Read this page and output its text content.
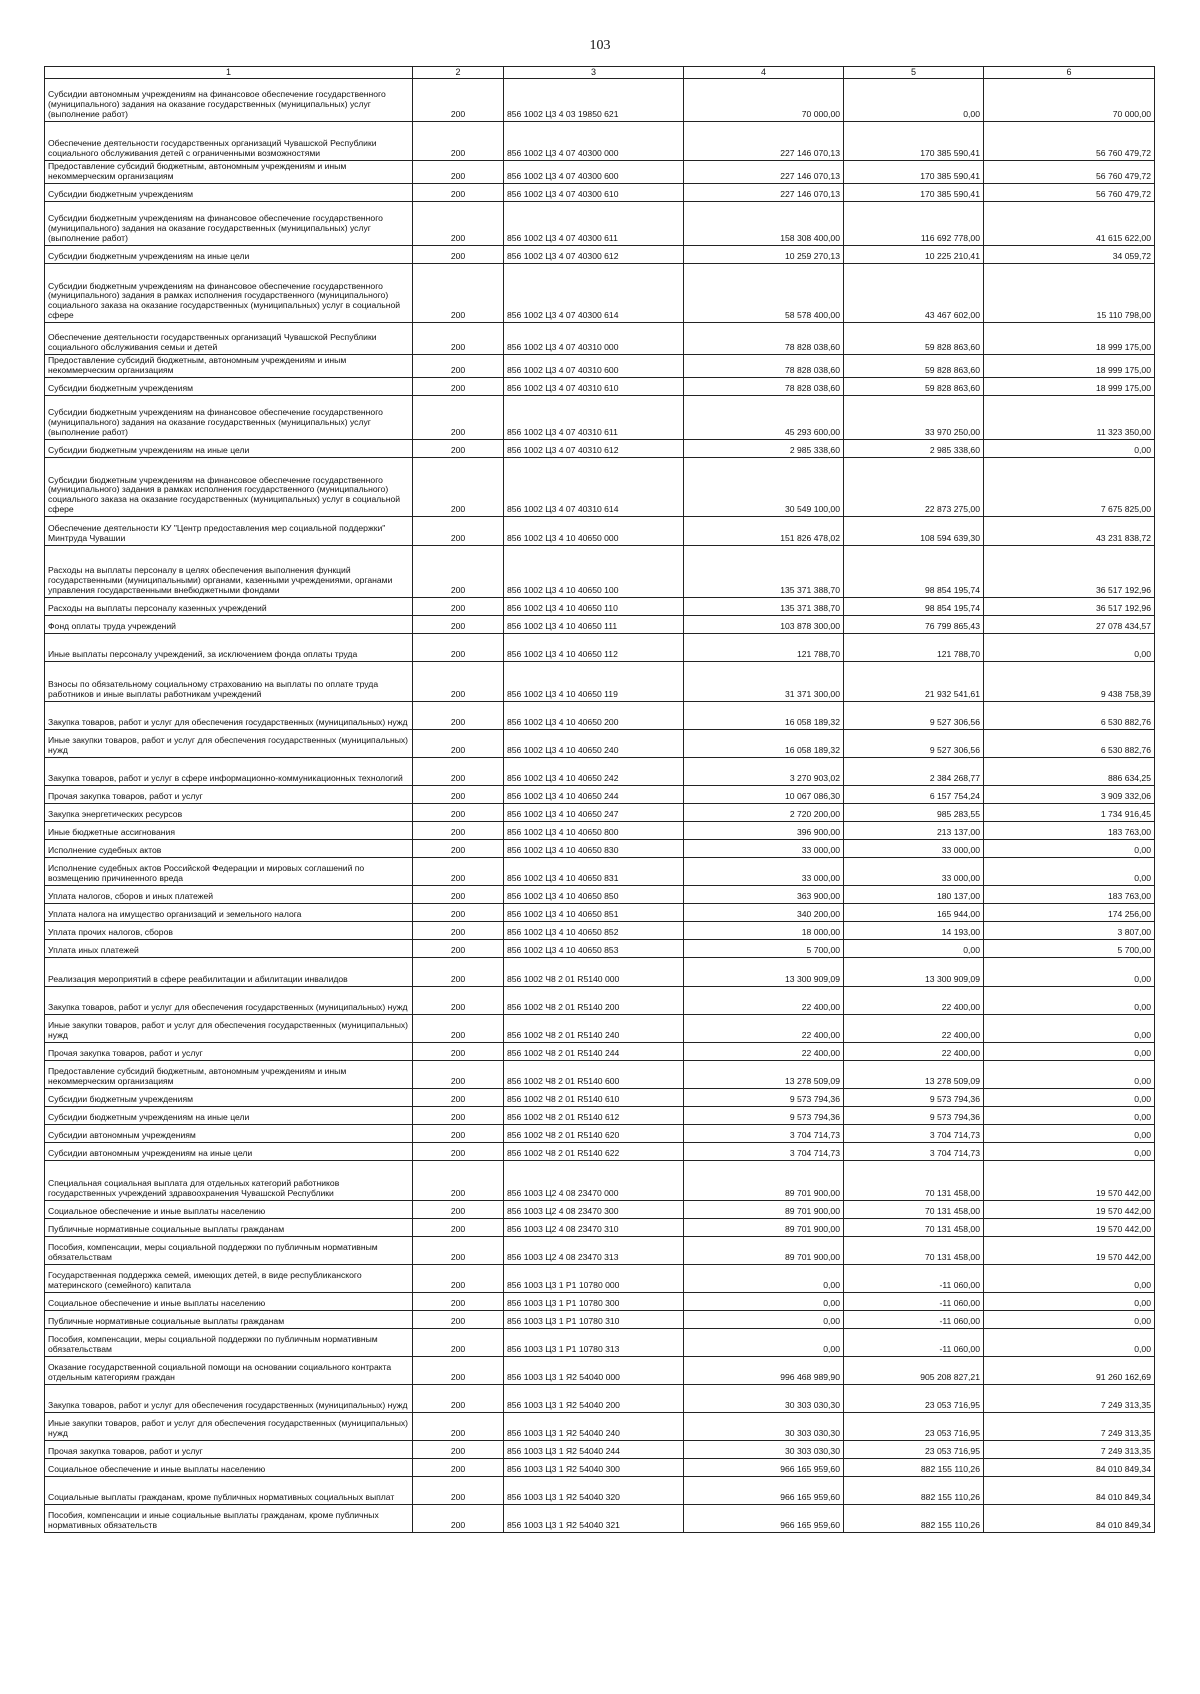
103
1	2	3	4	5	6
Субсидии автономным учреждениям на финансовое обеспечение государственного (муниципального) задания на оказание государственных (муниципальных) услуг (выполнение работ)	200	856 1002 Ц3 4 03 19850 621	70 000,00	0,00	70 000,00
Обеспечение деятельности государственных организаций Чувашской Республики социального обслуживания детей с ограниченными возможностями	200	856 1002 Ц3 4 07 40300 000	227 146 070,13	170 385 590,41	56 760 479,72
Предоставление субсидий бюджетным, автономным учреждениям и иным некоммерческим организациям	200	856 1002 Ц3 4 07 40300 600	227 146 070,13	170 385 590,41	56 760 479,72
Субсидии бюджетным учреждениям	200	856 1002 Ц3 4 07 40300 610	227 146 070,13	170 385 590,41	56 760 479,72
Субсидии бюджетным учреждениям на финансовое обеспечение государственного (муниципального) задания на оказание государственных (муниципальных) услуг (выполнение работ)	200	856 1002 Ц3 4 07 40300 611	158 308 400,00	116 692 778,00	41 615 622,00
Субсидии бюджетным учреждениям на иные цели	200	856 1002 Ц3 4 07 40300 612	10 259 270,13	10 225 210,41	34 059,72
Субсидии бюджетным учреждениям на финансовое обеспечение государственного (муниципального) задания в рамках исполнения государственного (муниципального) социального заказа на оказание государственных (муниципальных) услуг в социальной сфере	200	856 1002 Ц3 4 07 40300 614	58 578 400,00	43 467 602,00	15 110 798,00
Обеспечение деятельности государственных организаций Чувашской Республики социального обслуживания семьи и детей	200	856 1002 Ц3 4 07 40310 000	78 828 038,60	59 828 863,60	18 999 175,00
Предоставление субсидий бюджетным, автономным учреждениям и иным некоммерческим организациям	200	856 1002 Ц3 4 07 40310 600	78 828 038,60	59 828 863,60	18 999 175,00
Субсидии бюджетным учреждениям	200	856 1002 Ц3 4 07 40310 610	78 828 038,60	59 828 863,60	18 999 175,00
Субсидии бюджетным учреждениям на финансовое обеспечение государственного (муниципального) задания на оказание государственных (муниципальных) услуг (выполнение работ)	200	856 1002 Ц3 4 07 40310 611	45 293 600,00	33 970 250,00	11 323 350,00
Субсидии бюджетным учреждениям на иные цели	200	856 1002 Ц3 4 07 40310 612	2 985 338,60	2 985 338,60	0,00
Субсидии бюджетным учреждениям на финансовое обеспечение государственного (муниципального) задания в рамках исполнения государственного (муниципального) социального заказа на оказание государственных (муниципальных) услуг в социальной сфере	200	856 1002 Ц3 4 07 40310 614	30 549 100,00	22 873 275,00	7 675 825,00
Обеспечение деятельности КУ "Центр предоставления мер социальной поддержки" Минтруда Чувашии	200	856 1002 Ц3 4 10 40650 000	151 826 478,02	108 594 639,30	43 231 838,72
Расходы на выплаты персоналу в целях обеспечения выполнения функций государственными (муниципальными) органами, казенными учреждениями, органами управления государственными внебюджетными фондами	200	856 1002 Ц3 4 10 40650 100	135 371 388,70	98 854 195,74	36 517 192,96
Расходы на выплаты персоналу казенных учреждений	200	856 1002 Ц3 4 10 40650 110	135 371 388,70	98 854 195,74	36 517 192,96
Фонд оплаты труда учреждений	200	856 1002 Ц3 4 10 40650 111	103 878 300,00	76 799 865,43	27 078 434,57
Иные выплаты персоналу учреждений, за исключением фонда оплаты труда	200	856 1002 Ц3 4 10 40650 112	121 788,70	121 788,70	0,00
Взносы по обязательному социальному страхованию на выплаты по оплате труда работников и иные выплаты работникам учреждений	200	856 1002 Ц3 4 10 40650 119	31 371 300,00	21 932 541,61	9 438 758,39
Закупка товаров, работ и услуг для обеспечения государственных (муниципальных) нужд	200	856 1002 Ц3 4 10 40650 200	16 058 189,32	9 527 306,56	6 530 882,76
Иные закупки товаров, работ и услуг для обеспечения государственных (муниципальных) нужд	200	856 1002 Ц3 4 10 40650 240	16 058 189,32	9 527 306,56	6 530 882,76
Закупка товаров, работ и услуг в сфере информационно-коммуникационных технологий	200	856 1002 Ц3 4 10 40650 242	3 270 903,02	2 384 268,77	886 634,25
Прочая закупка товаров, работ и услуг	200	856 1002 Ц3 4 10 40650 244	10 067 086,30	6 157 754,24	3 909 332,06
Закупка энергетических ресурсов	200	856 1002 Ц3 4 10 40650 247	2 720 200,00	985 283,55	1 734 916,45
Иные бюджетные ассигнования	200	856 1002 Ц3 4 10 40650 800	396 900,00	213 137,00	183 763,00
Исполнение судебных актов	200	856 1002 Ц3 4 10 40650 830	33 000,00	33 000,00	0,00
Исполнение судебных актов Российской Федерации и мировых соглашений по возмещению причиненного вреда	200	856 1002 Ц3 4 10 40650 831	33 000,00	33 000,00	0,00
Уплата налогов, сборов и иных платежей	200	856 1002 Ц3 4 10 40650 850	363 900,00	180 137,00	183 763,00
Уплата налога на имущество организаций и земельного налога	200	856 1002 Ц3 4 10 40650 851	340 200,00	165 944,00	174 256,00
Уплата прочих налогов, сборов	200	856 1002 Ц3 4 10 40650 852	18 000,00	14 193,00	3 807,00
Уплата иных платежей	200	856 1002 Ц3 4 10 40650 853	5 700,00	0,00	5 700,00
Реализация мероприятий в сфере реабилитации и абилитации инвалидов	200	856 1002 Ч8 2 01 R5140 000	13 300 909,09	13 300 909,09	0,00
Закупка товаров, работ и услуг для обеспечения государственных (муниципальных) нужд	200	856 1002 Ч8 2 01 R5140 200	22 400,00	22 400,00	0,00
Иные закупки товаров, работ и услуг для обеспечения государственных (муниципальных) нужд	200	856 1002 Ч8 2 01 R5140 240	22 400,00	22 400,00	0,00
Прочая закупка товаров, работ и услуг	200	856 1002 Ч8 2 01 R5140 244	22 400,00	22 400,00	0,00
Предоставление субсидий бюджетным, автономным учреждениям и иным некоммерческим организациям	200	856 1002 Ч8 2 01 R5140 600	13 278 509,09	13 278 509,09	0,00
Субсидии бюджетным учреждениям	200	856 1002 Ч8 2 01 R5140 610	9 573 794,36	9 573 794,36	0,00
Субсидии бюджетным учреждениям на иные цели	200	856 1002 Ч8 2 01 R5140 612	9 573 794,36	9 573 794,36	0,00
Субсидии автономным учреждениям	200	856 1002 Ч8 2 01 R5140 620	3 704 714,73	3 704 714,73	0,00
Субсидии автономным учреждениям на иные цели	200	856 1002 Ч8 2 01 R5140 622	3 704 714,73	3 704 714,73	0,00
Специальная социальная выплата для отдельных категорий работников государственных учреждений здравоохранения Чувашской Республики	200	856 1003 Ц2 4 08 23470 000	89 701 900,00	70 131 458,00	19 570 442,00
Социальное обеспечение и иные выплаты населению	200	856 1003 Ц2 4 08 23470 300	89 701 900,00	70 131 458,00	19 570 442,00
Публичные нормативные социальные выплаты гражданам	200	856 1003 Ц2 4 08 23470 310	89 701 900,00	70 131 458,00	19 570 442,00
Пособия, компенсации, меры социальной поддержки по публичным нормативным обязательствам	200	856 1003 Ц2 4 08 23470 313	89 701 900,00	70 131 458,00	19 570 442,00
Государственная поддержка семей, имеющих детей, в виде республиканского материнского (семейного) капитала	200	856 1003 Ц3 1 P1 10780 000	0,00	-11 060,00	0,00
Социальное обеспечение и иные выплаты населению	200	856 1003 Ц3 1 P1 10780 300	0,00	-11 060,00	0,00
Публичные нормативные социальные выплаты гражданам	200	856 1003 Ц3 1 P1 10780 310	0,00	-11 060,00	0,00
Пособия, компенсации, меры социальной поддержки по публичным нормативным обязательствам	200	856 1003 Ц3 1 P1 10780 313	0,00	-11 060,00	0,00
Оказание государственной социальной помощи на основании социального контракта отдельным категориям граждан	200	856 1003 Ц3 1 Я2 54040 000	996 468 989,90	905 208 827,21	91 260 162,69
Закупка товаров, работ и услуг для обеспечения государственных (муниципальных) нужд	200	856 1003 Ц3 1 Я2 54040 200	30 303 030,30	23 053 716,95	7 249 313,35
Иные закупки товаров, работ и услуг для обеспечения государственных (муниципальных) нужд	200	856 1003 Ц3 1 Я2 54040 240	30 303 030,30	23 053 716,95	7 249 313,35
Прочая закупка товаров, работ и услуг	200	856 1003 Ц3 1 Я2 54040 244	30 303 030,30	23 053 716,95	7 249 313,35
Социальное обеспечение и иные выплаты населению	200	856 1003 Ц3 1 Я2 54040 300	966 165 959,60	882 155 110,26	84 010 849,34
Социальные выплаты гражданам, кроме публичных нормативных социальных выплат	200	856 1003 Ц3 1 Я2 54040 320	966 165 959,60	882 155 110,26	84 010 849,34
Пособия, компенсации и иные социальные выплаты гражданам, кроме публичных нормативных обязательств	200	856 1003 Ц3 1 Я2 54040 321	966 165 959,60	882 155 110,26	84 010 849,34
